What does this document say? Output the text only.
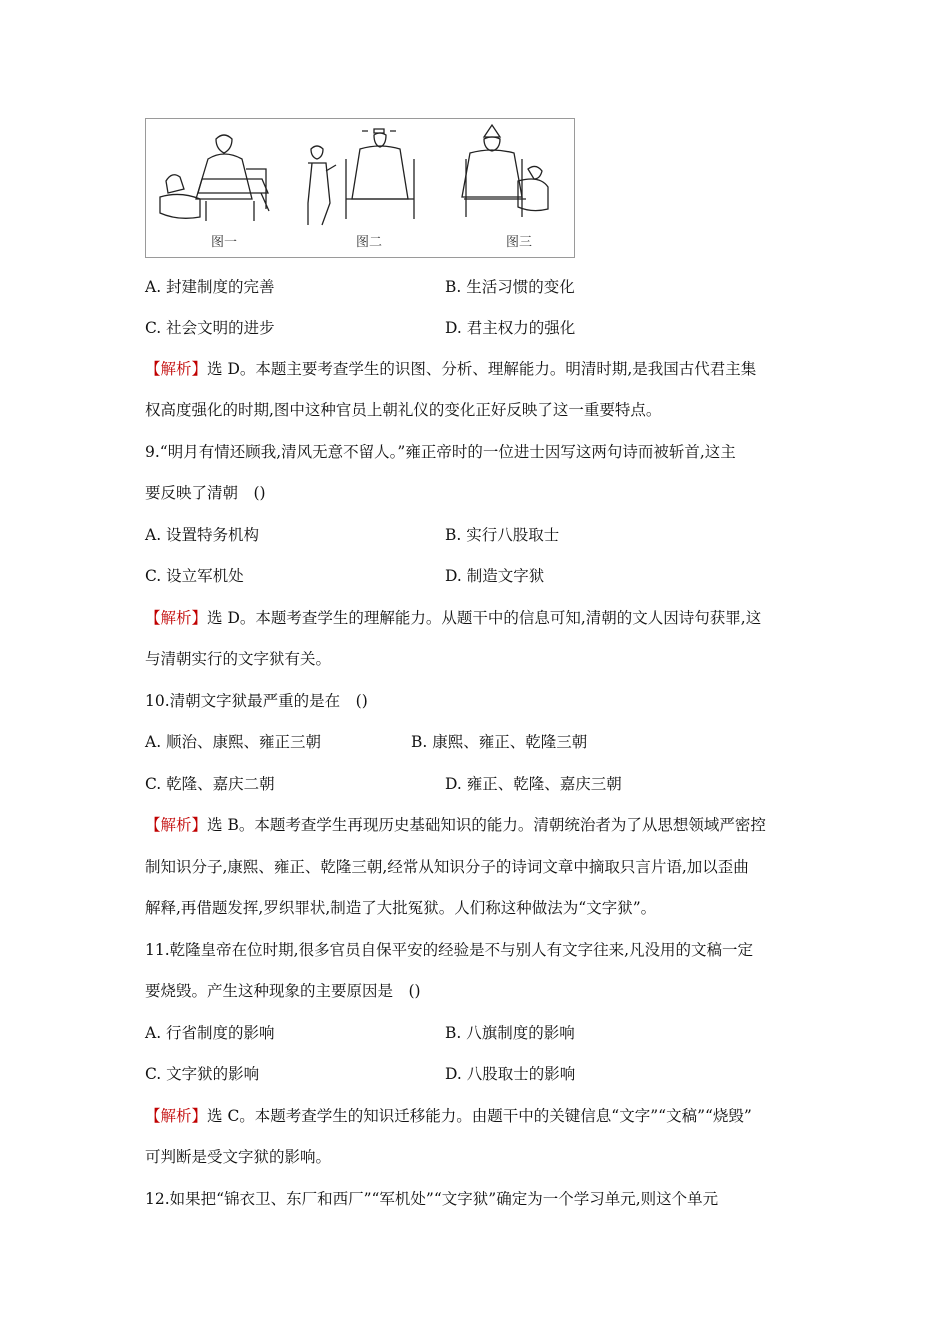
图一	图二	图三
A. 封建制度的完善	B. 生活习惯的变化
C. 社会文明的进步	D. 君主权力的强化
【解析】选 D。本题主要考查学生的识图、分析、理解能力。明清时期,是我国古代君主集
权高度强化的时期,图中这种官员上朝礼仪的变化正好反映了这一重要特点。
9.“明月有情还顾我,清风无意不留人。”雍正帝时的一位进士因写这两句诗而被斩首,这主
要反映了清朝　()
A. 设置特务机构	B. 实行八股取士
C. 设立军机处	D. 制造文字狱
【解析】选 D。本题考查学生的理解能力。从题干中的信息可知,清朝的文人因诗句获罪,这
与清朝实行的文字狱有关。
10.清朝文字狱最严重的是在　()
A. 顺治、康熙、雍正三朝	B. 康熙、雍正、乾隆三朝
C. 乾隆、嘉庆二朝	D. 雍正、乾隆、嘉庆三朝
【解析】选 B。本题考查学生再现历史基础知识的能力。清朝统治者为了从思想领域严密控
制知识分子,康熙、雍正、乾隆三朝,经常从知识分子的诗词文章中摘取只言片语,加以歪曲
解释,再借题发挥,罗织罪状,制造了大批冤狱。人们称这种做法为“文字狱”。
11.乾隆皇帝在位时期,很多官员自保平安的经验是不与别人有文字往来,凡没用的文稿一定
要烧毁。产生这种现象的主要原因是　()
A. 行省制度的影响	B. 八旗制度的影响
C. 文字狱的影响	D. 八股取士的影响
【解析】选 C。本题考查学生的知识迁移能力。由题干中的关键信息“文字”“文稿”“烧毁”
可判断是受文字狱的影响。
12.如果把“锦衣卫、东厂和西厂”“军机处”“文字狱”确定为一个学习单元,则这个单元
